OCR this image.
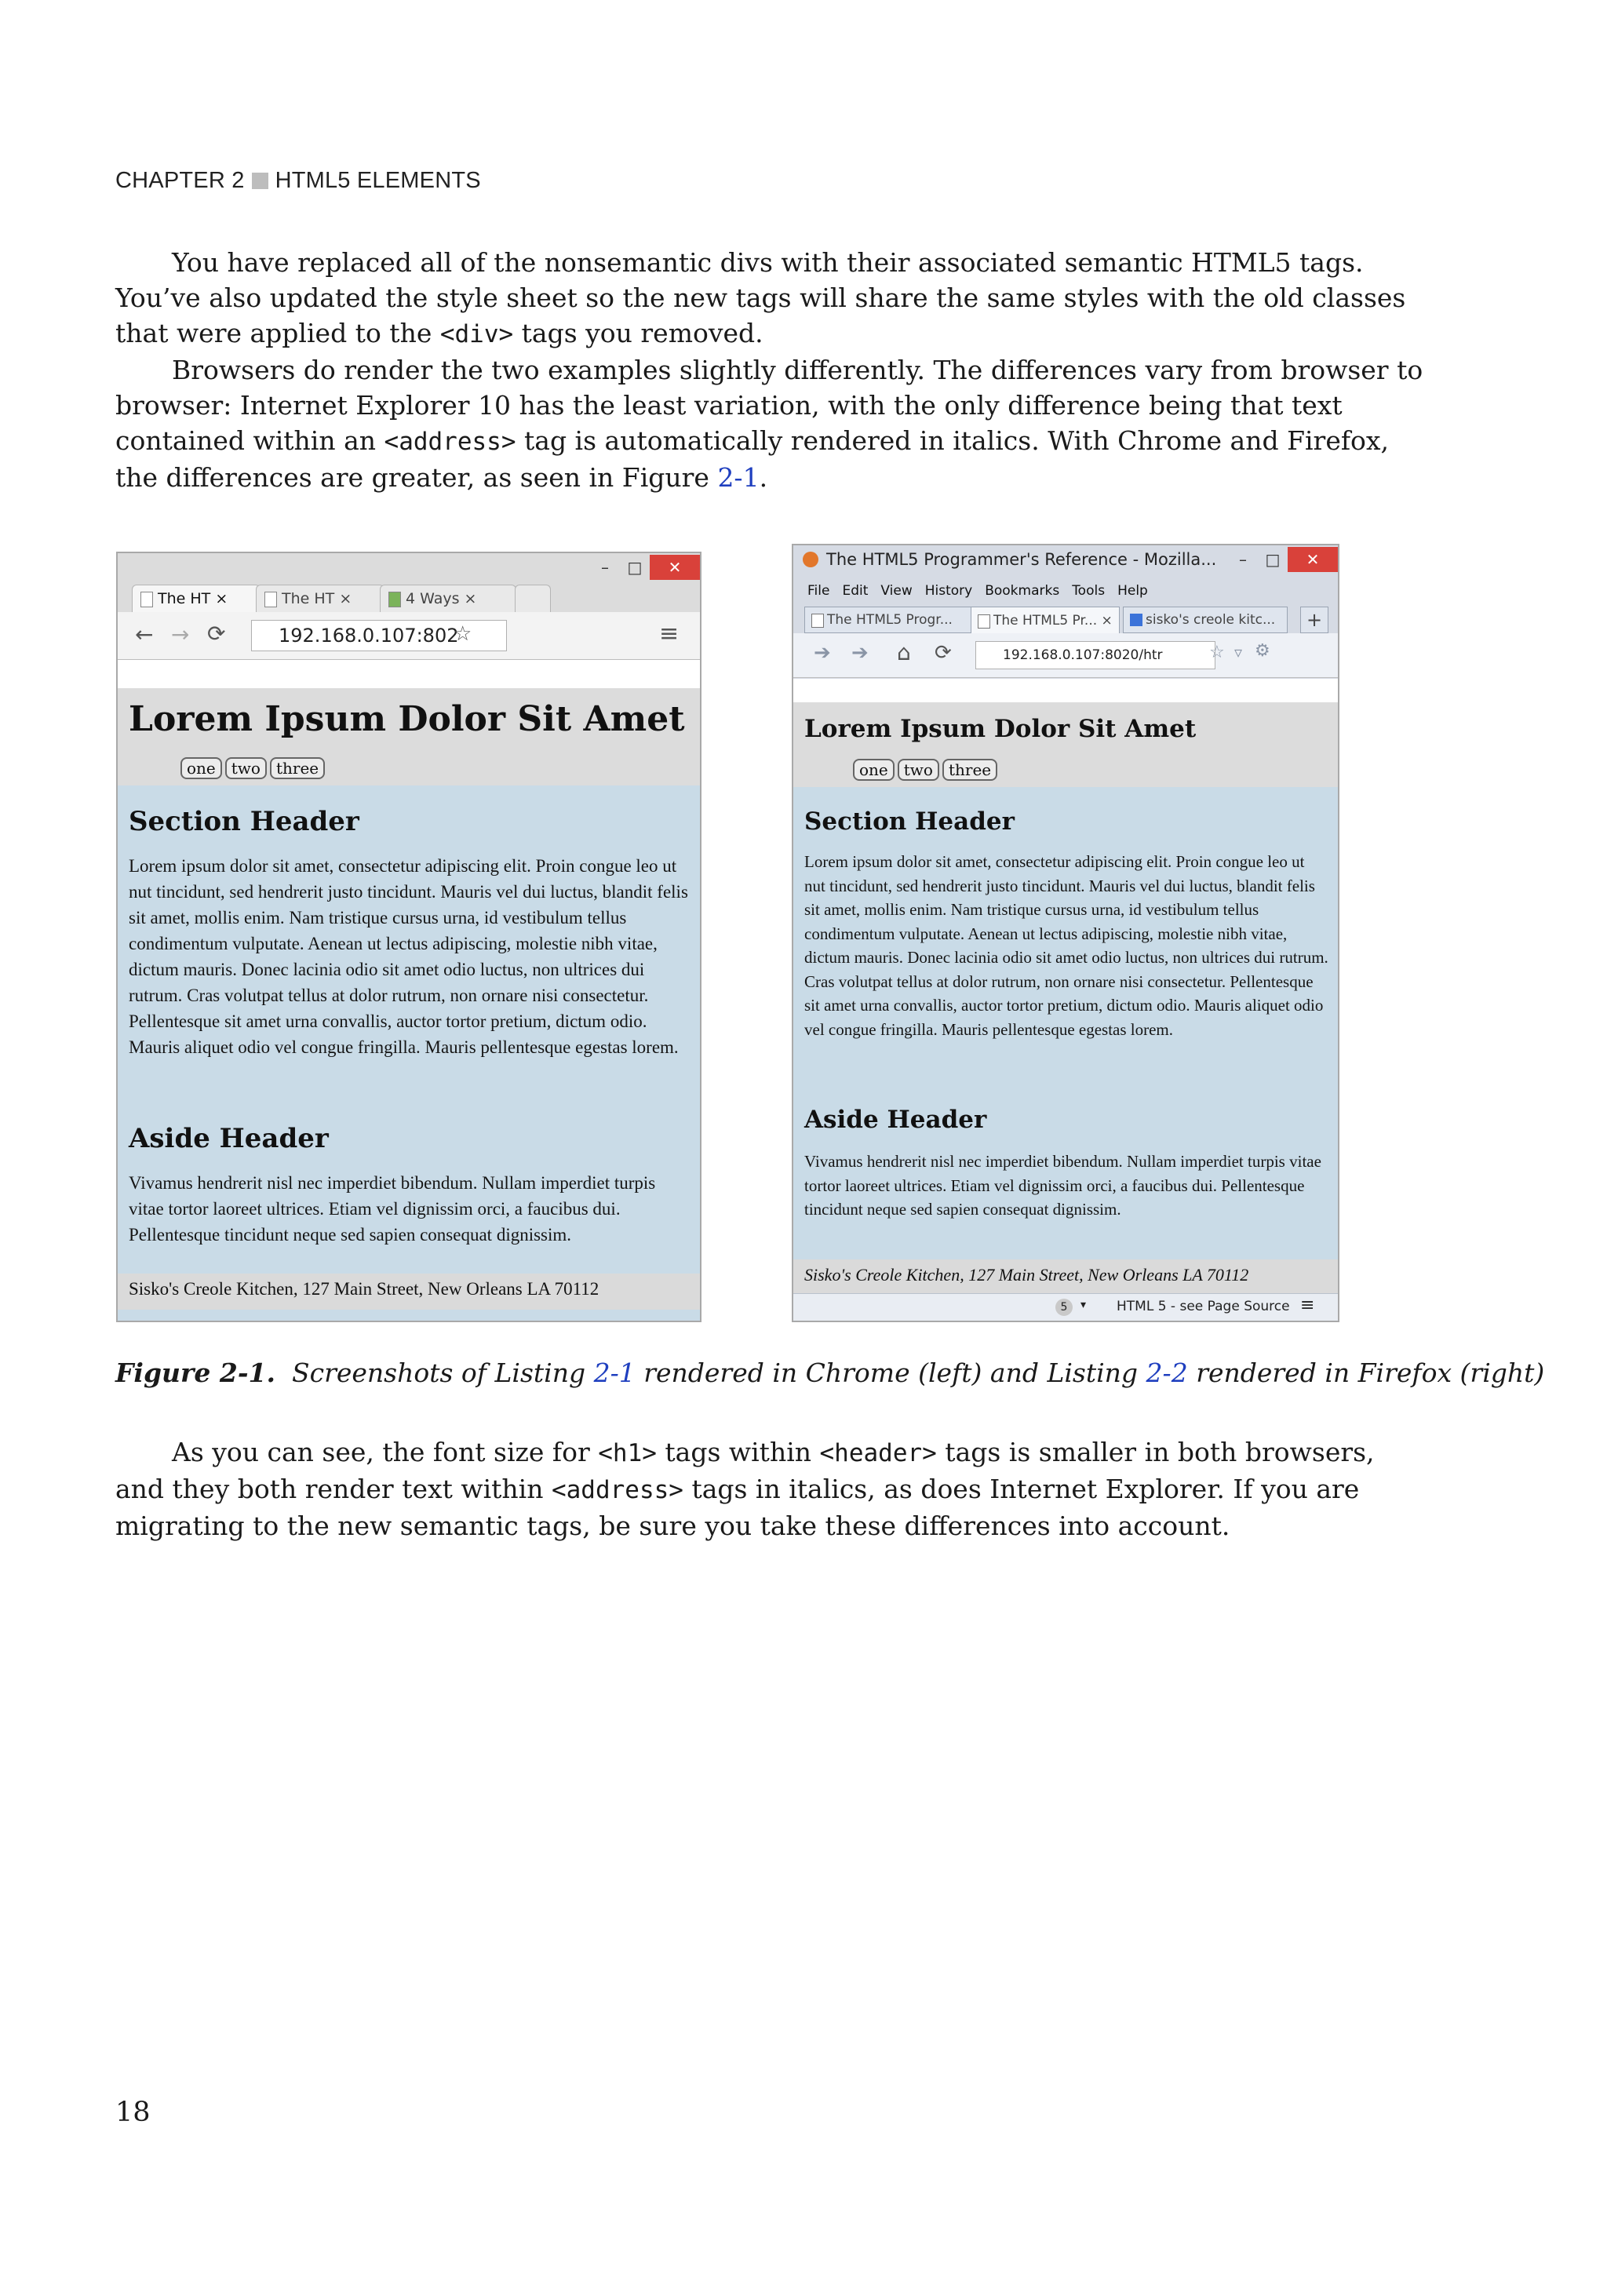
CHAPTER 2 HTML5 ELEMENTS

You have replaced all of the nonsemantic divs with their associated semantic HTML5 tags. You’ve also updated the style sheet so the new tags will share the same styles with the old classes that were applied to the <div> tags you removed.

Browsers do render the two examples slightly differently. The differences vary from browser to browser: Internet Explorer 10 has the least variation, with the only difference being that text contained within an <address> tag is automatically rendered in italics. With Chrome and Firefox, the differences are greater, as seen in Figure 2-1.

–	□	✕
The HT ×	The HT ×	4 Ways ×
← → ⟳	192.168.0.107:802
☆	≡
Lorem Ipsum Dolor Sit Amet
one	two	three
Section Header
Lorem ipsum dolor sit amet, consectetur adipiscing elit. Proin congue leo ut nut tincidunt, sed hendrerit justo tincidunt. Mauris vel dui luctus, blandit felis sit amet, mollis enim. Nam tristique cursus urna, id vestibulum tellus condimentum vulputate. Aenean ut lectus adipiscing, molestie nibh vitae, dictum mauris. Donec lacinia odio sit amet odio luctus, non ultrices dui rutrum. Cras volutpat tellus at dolor rutrum, non ornare nisi consectetur. Pellentesque sit amet urna convallis, auctor tortor pretium, dictum odio. Mauris aliquet odio vel congue fringilla. Mauris pellentesque egestas lorem.
Aside Header
Vivamus hendrerit nisl nec imperdiet bibendum. Nullam imperdiet turpis vitae tortor laoreet ultrices. Etiam vel dignissim orci, a faucibus dui. Pellentesque tincidunt neque sed sapien consequat dignissim.
Sisko's Creole Kitchen, 127 Main Street, New Orleans LA 70112
The HTML5 Programmer's Reference - Mozilla...	–	□	✕
File Edit View History Bookmarks Tools Help
The HTML5 Progr...	The HTML5 Pr... ×	sisko's creole kitc...	+
➔ ➔ ⌂ ⟳	192.168.0.107:8020/htr	☆ ▿ ⚙
Lorem Ipsum Dolor Sit Amet
one	two	three
Section Header
Lorem ipsum dolor sit amet, consectetur adipiscing elit. Proin congue leo ut nut tincidunt, sed hendrerit justo tincidunt. Mauris vel dui luctus, blandit felis sit amet, mollis enim. Nam tristique cursus urna, id vestibulum tellus condimentum vulputate. Aenean ut lectus adipiscing, molestie nibh vitae, dictum mauris. Donec lacinia odio sit amet odio luctus, non ultrices dui rutrum. Cras volutpat tellus at dolor rutrum, non ornare nisi consectetur. Pellentesque sit amet urna convallis, auctor tortor pretium, dictum odio. Mauris aliquet odio vel congue fringilla. Mauris pellentesque egestas lorem.
Aside Header
Vivamus hendrerit nisl nec imperdiet bibendum. Nullam imperdiet turpis vitae tortor laoreet ultrices. Etiam vel dignissim orci, a faucibus dui. Pellentesque tincidunt neque sed sapien consequat dignissim.
Sisko's Creole Kitchen, 127 Main Street, New Orleans LA 70112
5	▾ HTML 5 - see Page Source ≡
Figure 2-1. Screenshots of Listing 2-1 rendered in Chrome (left) and Listing 2-2 rendered in Firefox (right)

As you can see, the font size for <h1> tags within <header> tags is smaller in both browsers, and they both render text within <address> tags in italics, as does Internet Explorer. If you are migrating to the new semantic tags, be sure you take these differences into account.

18
